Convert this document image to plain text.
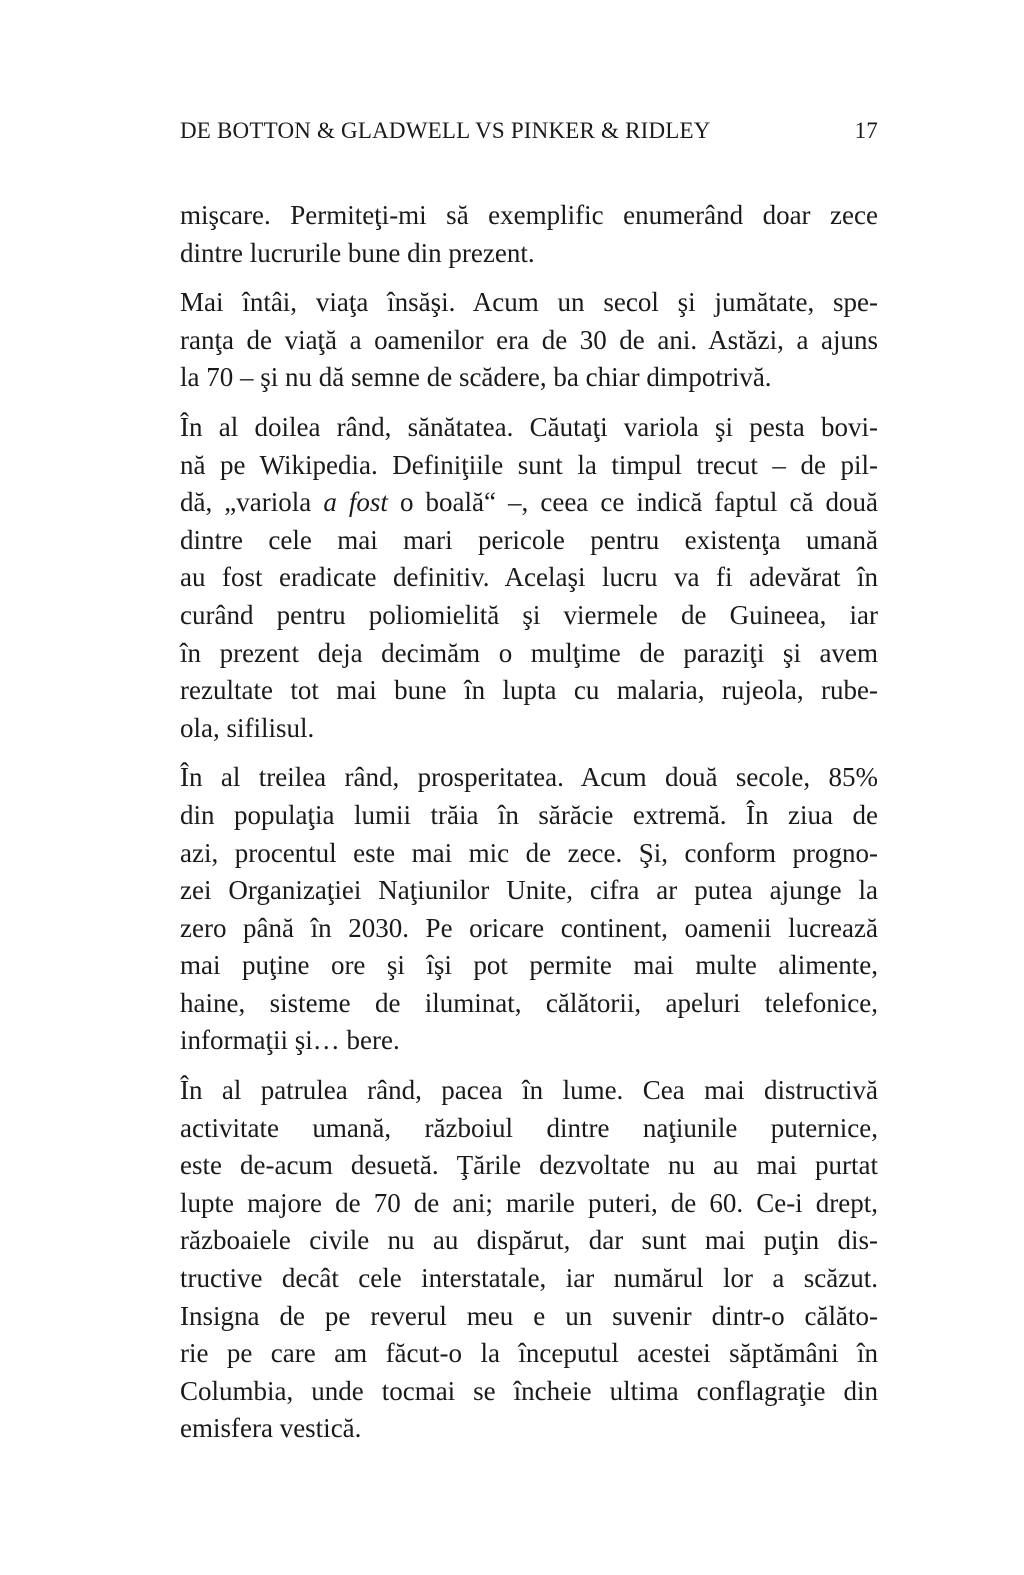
DE BOTTON & GLADWELL VS PINKER & RIDLEY	17
mişcare. Permiteţi-mi să exemplific enumerând doar zece
dintre lucrurile bune din prezent.
Mai întâi, viaţa însăşi. Acum un secol şi jumătate, spe-
ranţa de viaţă a oamenilor era de 30 de ani. Astăzi, a ajuns
la 70 – şi nu dă semne de scădere, ba chiar dimpotrivă.
În al doilea rând, sănătatea. Căutaţi variola şi pesta bovi-
nă pe Wikipedia. Definiţiile sunt la timpul trecut – de pil-
dă, „variola a fost o boală“ –, ceea ce indică faptul că două
dintre cele mai mari pericole pentru existenţa umană
au fost eradicate definitiv. Acelaşi lucru va fi adevărat în
curând pentru poliomielită şi viermele de Guineea, iar
în prezent deja decimăm o mulţime de paraziţi şi avem
rezultate tot mai bune în lupta cu malaria, rujeola, rube-
ola, sifilisul.
În al treilea rând, prosperitatea. Acum două secole, 85%
din populaţia lumii trăia în sărăcie extremă. În ziua de
azi, procentul este mai mic de zece. Şi, conform progno-
zei Organizaţiei Naţiunilor Unite, cifra ar putea ajunge la
zero până în 2030. Pe oricare continent, oamenii lucrează
mai puţine ore şi îşi pot permite mai multe alimente,
haine, sisteme de iluminat, călătorii, apeluri telefonice,
informaţii şi… bere.
În al patrulea rând, pacea în lume. Cea mai distructivă
activitate umană, războiul dintre naţiunile puternice,
este de-acum desuetă. Ţările dezvoltate nu au mai purtat
lupte majore de 70 de ani; marile puteri, de 60. Ce-i drept,
războaiele civile nu au dispărut, dar sunt mai puţin dis-
tructive decât cele interstatale, iar numărul lor a scăzut.
Insigna de pe reverul meu e un suvenir dintr-o călăto-
rie pe care am făcut-o la începutul acestei săptămâni în
Columbia, unde tocmai se încheie ultima conflagraţie din
emisfera vestică.
